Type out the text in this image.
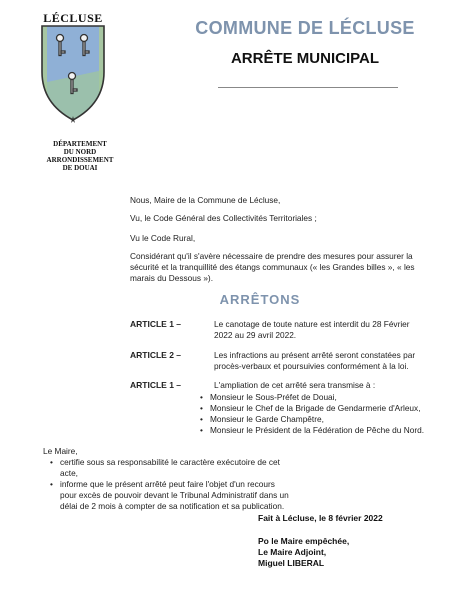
LÉCLUSE
DÉPARTEMENT
DU NORD
ARRONDISSEMENT
DE DOUAI
COMMUNE DE LÉCLUSE
ARRÊTE MUNICIPAL
Nous, Maire de la Commune de Lécluse,
Vu, le Code Général des Collectivités Territoriales ;
Vu le Code Rural,
Considérant qu'il s'avère nécessaire de prendre des mesures pour assurer la sécurité et la tranquillité des étangs communaux (« les Grandes billes », « les marais du Dessous »).
ARRÊTONS
ARTICLE 1 –	Le canotage de toute nature est interdit du 28 Février 2022 au 29 avril 2022.
ARTICLE 2 –	Les infractions au présent arrêté seront constatées par procès-verbaux et poursuivies conformément à la loi.
ARTICLE 1 –	L'ampliation de cet arrêté sera transmise à :
• Monsieur le Sous-Préfet de Douai,
• Monsieur le Chef de la Brigade de Gendarmerie d'Arleux,
• Monsieur le Garde Champêtre,
• Monsieur le Président de la Fédération de Pêche du Nord.
Le Maire,
• certifie sous sa responsabilité le caractère exécutoire de cet acte,
• informe que le présent arrêté peut faire l'objet d'un recours pour excès de pouvoir devant le Tribunal Administratif dans un délai de 2 mois à compter de sa notification et sa publication.
Fait à Lécluse, le 8 février 2022
Po le Maire empêchée,
Le Maire Adjoint,
Miguel LIBERAL
